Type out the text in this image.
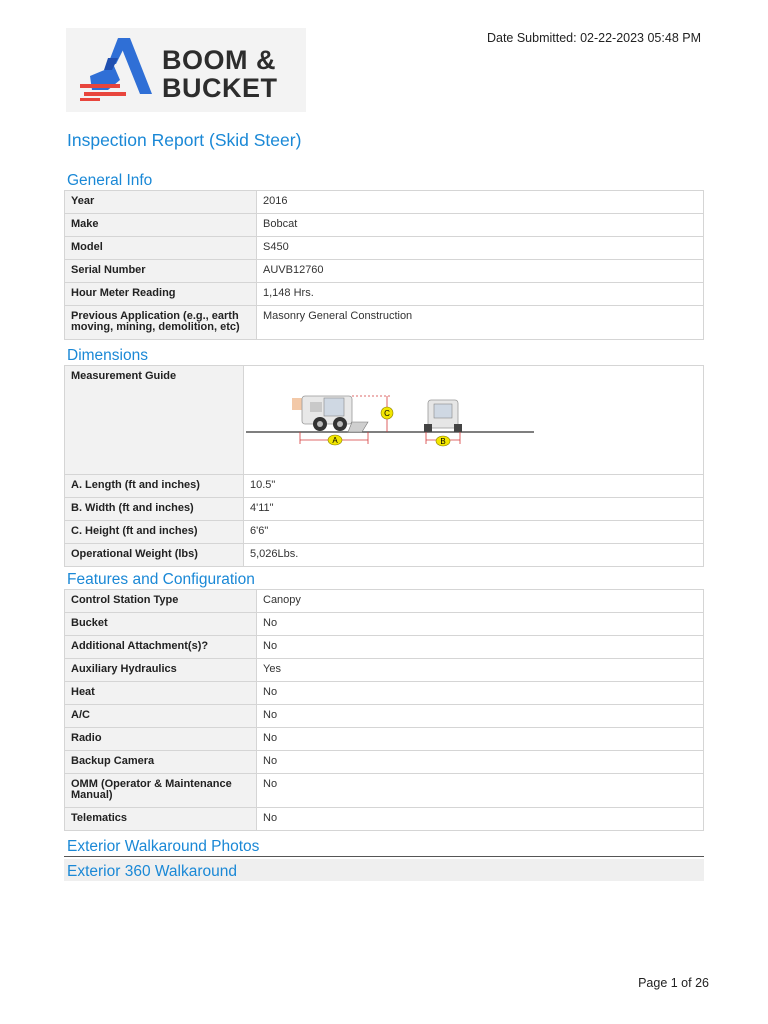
Date Submitted: 02-22-2023 05:48 PM
BOOM &
BUCKET
Inspection Report (Skid Steer)
General Info
Year	2016
Make	Bobcat
Model	S450
Serial Number	AUVB12760
Hour Meter Reading	1,148 Hrs.
Previous Application (e.g., earth moving, mining, demolition, etc)	Masonry General Construction
Dimensions
Measurement Guide	C
A B

A. Length (ft and inches)	10.5"
B. Width (ft and inches)	4'11"
C. Height (ft and inches)	6'6"
Operational Weight (lbs)	5,026Lbs.
Features and Configuration
Control Station Type	Canopy
Bucket	No
Additional Attachment(s)?	No
Auxiliary Hydraulics	Yes
Heat	No
A/C	No
Radio	No
Backup Camera	No
OMM (Operator & Maintenance Manual)	No
Telematics	No
Exterior Walkaround Photos
Exterior 360 Walkaround
Page 1 of 26
